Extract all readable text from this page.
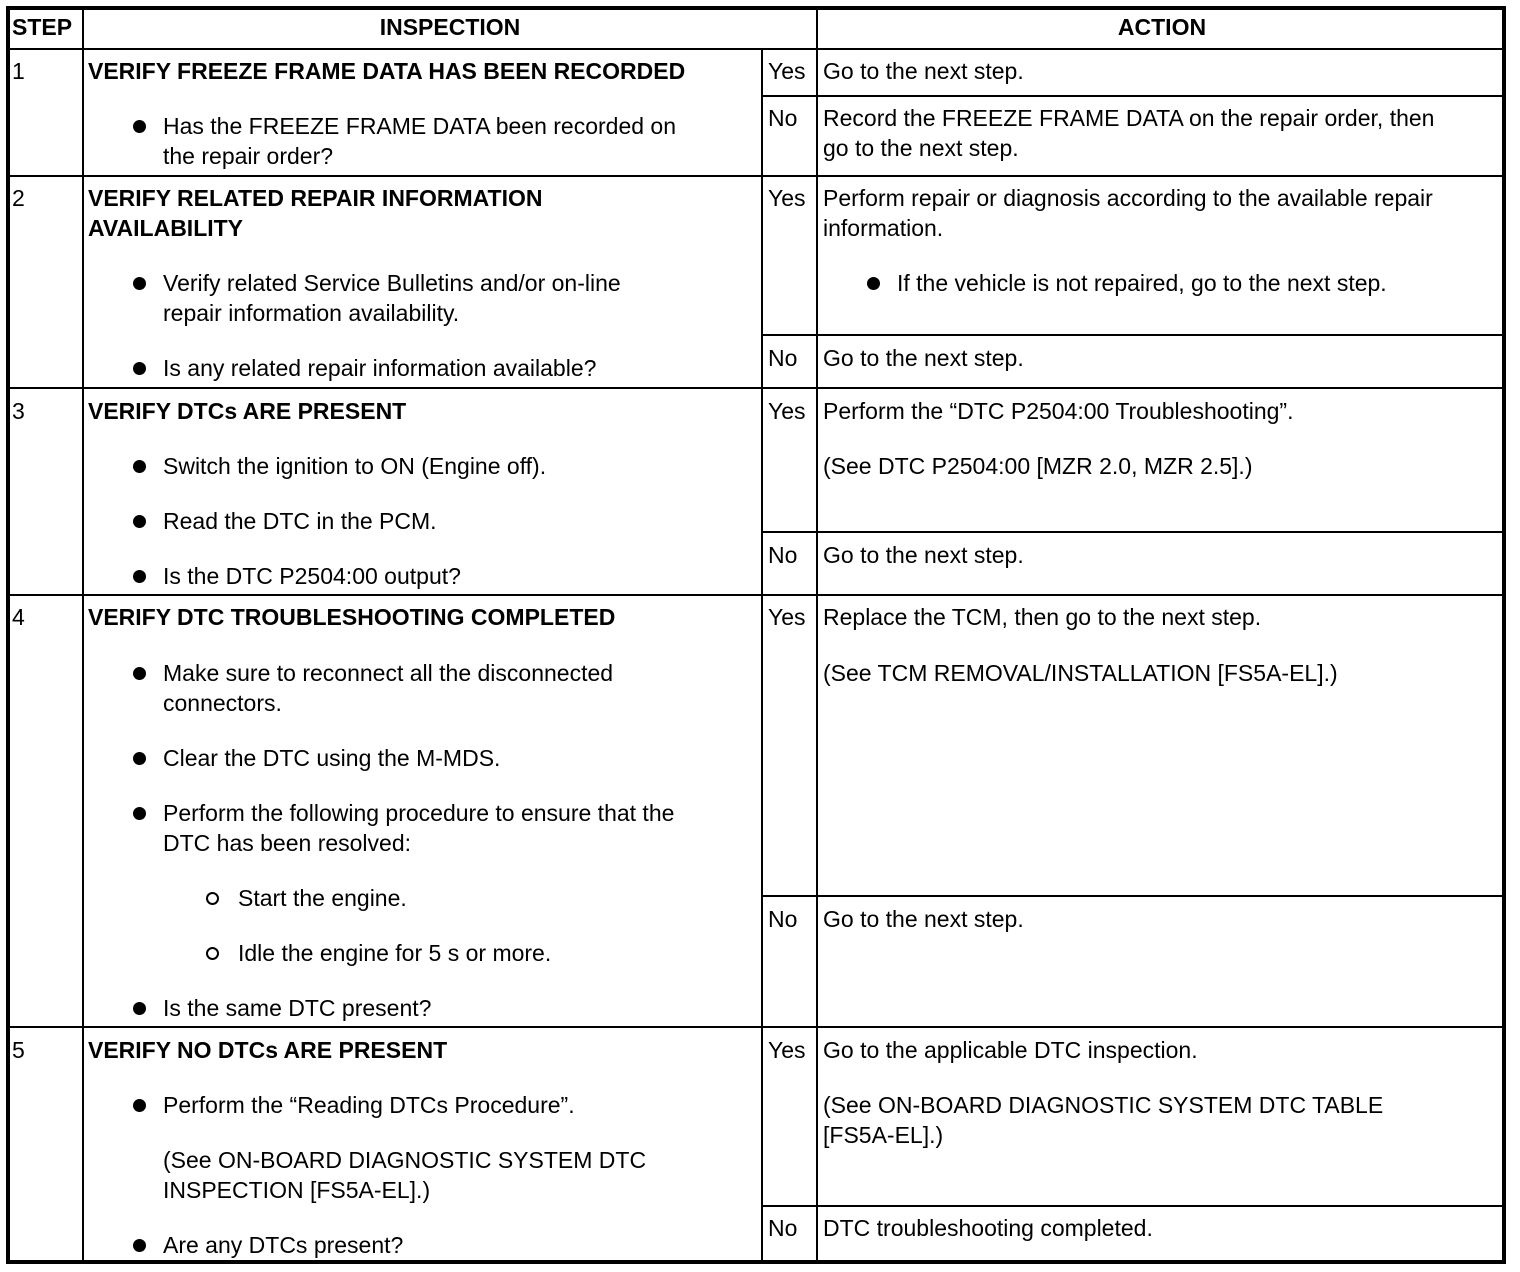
STEP	INSPECTION	ACTION
1	VERIFY FREEZE FRAME DATA HAS BEEN RECORDED
Has the FREEZE FRAME DATA been recorded on
the repair order?
Yes Go to the next step.
No Record the FREEZE FRAME DATA on the repair order, then
go to the next step.
2	VERIFY RELATED REPAIR INFORMATION
AVAILABILITY
Verify related Service Bulletins and/or on-line
repair information availability.
Is any related repair information available?
Yes Perform repair or diagnosis according to the available repair
information.
If the vehicle is not repaired, go to the next step.
No Go to the next step.
3	VERIFY DTCs ARE PRESENT
Switch the ignition to ON (Engine off).
Read the DTC in the PCM.
Is the DTC P2504:00 output?
Yes Perform the “DTC P2504:00 Troubleshooting”.
(See DTC P2504:00 [MZR 2.0, MZR 2.5].)
No Go to the next step.
4	VERIFY DTC TROUBLESHOOTING COMPLETED
Make sure to reconnect all the disconnected
connectors.
Clear the DTC using the M-MDS.
Perform the following procedure to ensure that the
DTC has been resolved:
Start the engine.
Idle the engine for 5 s or more.
Is the same DTC present?
Yes Replace the TCM, then go to the next step.
(See TCM REMOVAL/INSTALLATION [FS5A-EL].)
No Go to the next step.
5	VERIFY NO DTCs ARE PRESENT
Perform the “Reading DTCs Procedure”.
(See ON-BOARD DIAGNOSTIC SYSTEM DTC
INSPECTION [FS5A-EL].)
Are any DTCs present?
Yes Go to the applicable DTC inspection.
(See ON-BOARD DIAGNOSTIC SYSTEM DTC TABLE
[FS5A-EL].)
No DTC troubleshooting completed.
